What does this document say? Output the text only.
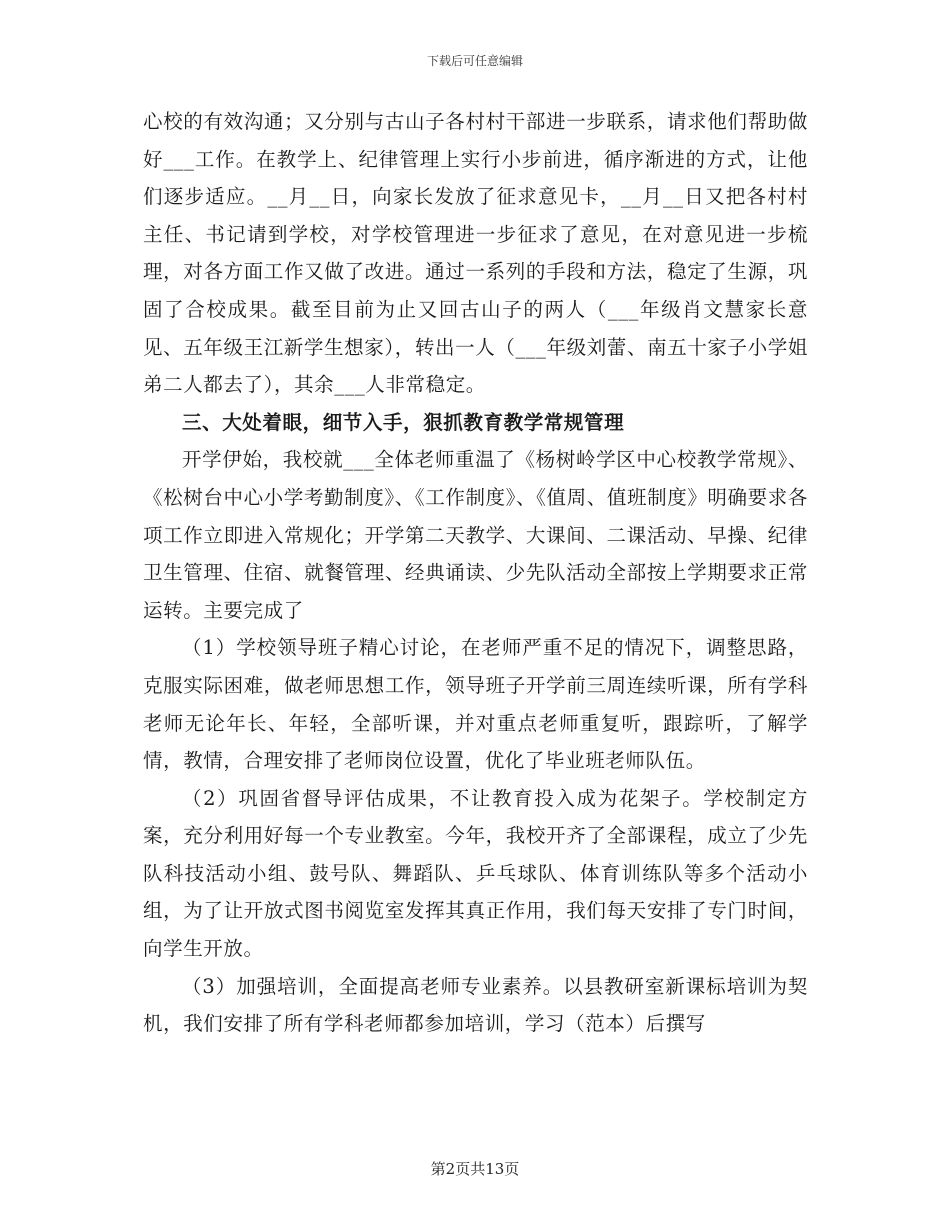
下载后可任意编辑

心校的有效沟通；又分别与古山子各村村干部进一步联系，请求他们帮助做好___工作。在教学上、纪律管理上实行小步前进，循序渐进的方式，让他们逐步适应。__月__日，向家长发放了征求意见卡，__月__日又把各村村主任、书记请到学校，对学校管理进一步征求了意见，在对意见进一步梳理，对各方面工作又做了改进。通过一系列的手段和方法，稳定了生源，巩固了合校成果。截至目前为止又回古山子的两人（___年级肖文慧家长意见、五年级王江新学生想家），转出一人（___年级刘蕾、南五十家子小学姐弟二人都去了），其余___人非常稳定。

三、大处着眼，细节入手，狠抓教育教学常规管理

开学伊始，我校就___全体老师重温了《杨树岭学区中心校教学常规》、《松树台中心小学考勤制度》、《工作制度》、《值周、值班制度》明确要求各项工作立即进入常规化；开学第二天教学、大课间、二课活动、早操、纪律卫生管理、住宿、就餐管理、经典诵读、少先队活动全部按上学期要求正常运转。主要完成了

（1）学校领导班子精心讨论，在老师严重不足的情况下，调整思路，克服实际困难，做老师思想工作，领导班子开学前三周连续听课，所有学科老师无论年长、年轻，全部听课，并对重点老师重复听，跟踪听，了解学情，教情，合理安排了老师岗位设置，优化了毕业班老师队伍。

（2）巩固省督导评估成果，不让教育投入成为花架子。学校制定方案，充分利用好每一个专业教室。今年，我校开齐了全部课程，成立了少先队科技活动小组、鼓号队、舞蹈队、乒乓球队、体育训练队等多个活动小组，为了让开放式图书阅览室发挥其真正作用，我们每天安排了专门时间，向学生开放。

（3）加强培训，全面提高老师专业素养。以县教研室新课标培训为契机，我们安排了所有学科老师都参加培训，学习（范本）后撰写

第2页共13页
